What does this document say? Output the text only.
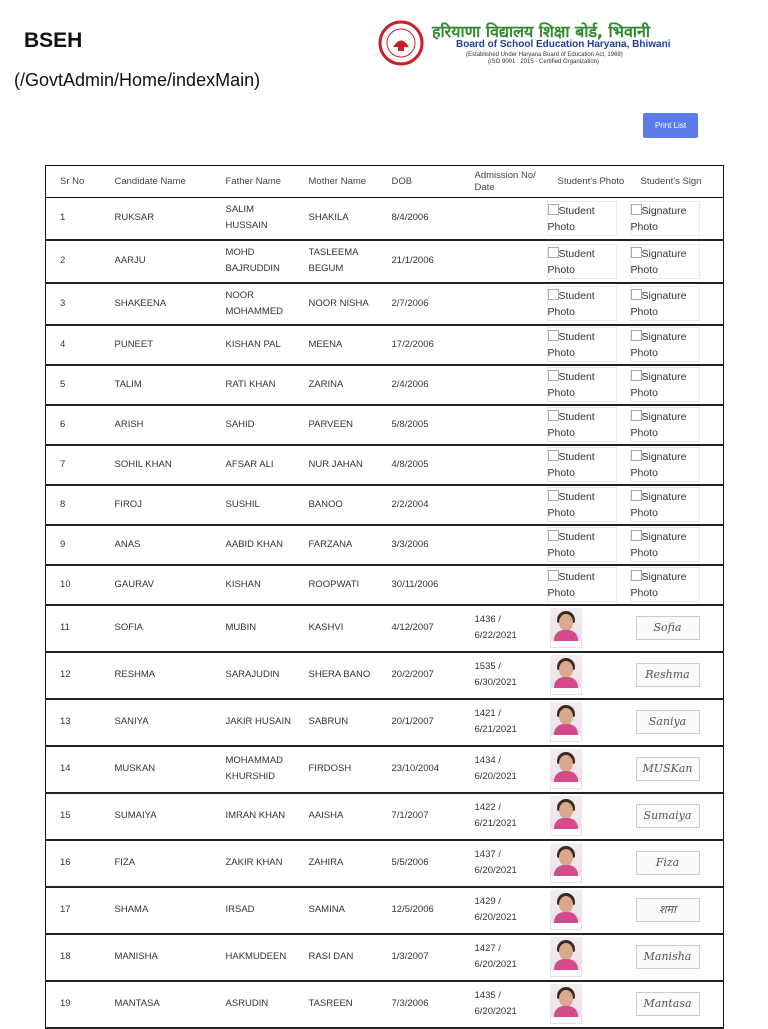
BSEH
(/GovtAdmin/Home/indexMain)
हरियाणा विद्यालय शिक्षा बोर्ड, भिवानी
Board of School Education Haryana, Bhiwani
(Established Under Haryana Board of Education Act, 1969)
(ISO 9001 : 2015 - Certified Organization)
Print List
Sr No	Candidate Name	Father Name	Mother Name	DOB	Admission No/ Date	Student's Photo	Student's Sign
1	RUKSAR	SALIM HUSSAIN	SHAKILA	8/4/2006		Student Photo	Signature Photo
2	AARJU	MOHD BAJRUDDIN	TASLEEMA BEGUM	21/1/2006		Student Photo	Signature Photo
3	SHAKEENA	NOOR MOHAMMED	NOOR NISHA	2/7/2006		Student Photo	Signature Photo
4	PUNEET	KISHAN PAL	MEENA	17/2/2006		Student Photo	Signature Photo
5	TALIM	RATI KHAN	ZARINA	2/4/2006		Student Photo	Signature Photo
6	ARISH	SAHID	PARVEEN	5/8/2005		Student Photo	Signature Photo
7	SOHIL KHAN	AFSAR ALI	NUR JAHAN	4/8/2005		Student Photo	Signature Photo
8	FIROJ	SUSHIL	BANOO	2/2/2004		Student Photo	Signature Photo
9	ANAS	AABID KHAN	FARZANA	3/3/2006		Student Photo	Signature Photo
10	GAURAV	KISHAN	ROOPWATI	30/11/2006		Student Photo	Signature Photo
11	SOFIA	MUBIN	KASHVI	4/12/2007	1436 / 6/22/2021		Sofia

12	RESHMA	SARAJUDIN	SHERA BANO	20/2/2007	1535 / 6/30/2021		Reshma

13	SANIYA	JAKIR HUSAIN	SABRUN	20/1/2007	1421 / 6/21/2021		Saniya

14	MUSKAN	MOHAMMAD KHURSHID	FIRDOSH	23/10/2004	1434 / 6/20/2021		MUSKan

15	SUMAIYA	IMRAN KHAN	AAISHA	7/1/2007	1422 / 6/21/2021		Sumaiya

16	FIZA	ZAKIR KHAN	ZAHIRA	5/5/2006	1437 / 6/20/2021		Fiza

17	SHAMA	IRSAD	SAMINA	12/5/2006	1429 / 6/20/2021		शमा

18	MANISHA	HAKMUDEEN	RASI DAN	1/3/2007	1427 / 6/20/2021		Manisha

19	MANTASA	ASRUDIN	TASREEN	7/3/2006	1435 / 6/20/2021		Mantasa
